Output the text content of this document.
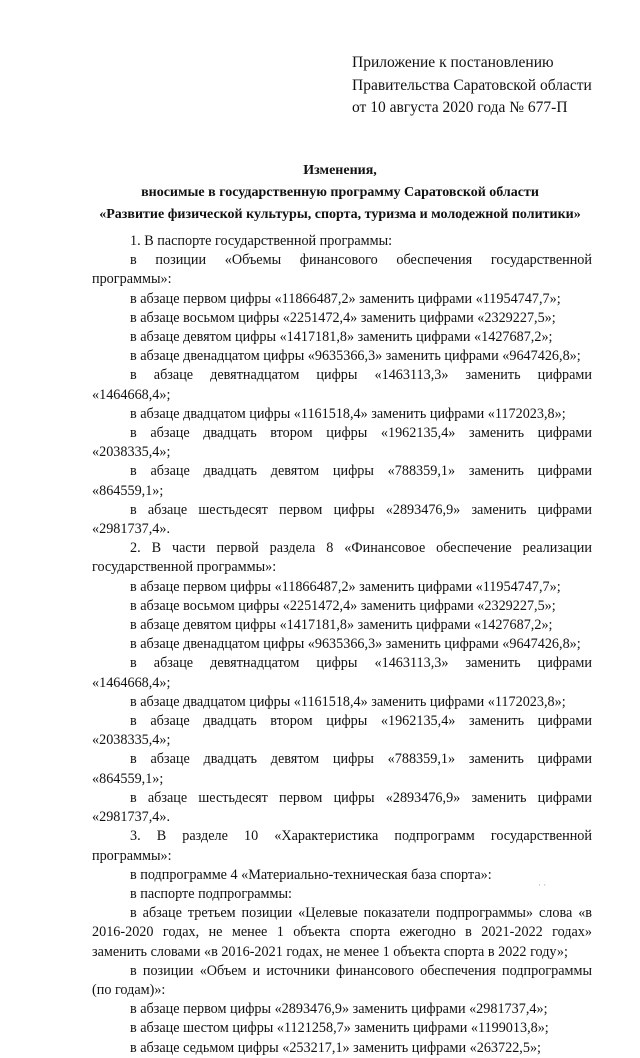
Приложение к постановлению
Правительства Саратовской области
от 10 августа 2020 года № 677-П
Изменения,
вносимые в государственную программу Саратовской области
«Развитие физической культуры, спорта, туризма и молодежной политики»

1. В паспорте государственной программы:

в позиции «Объемы финансового обеспечения государственной программы»:

в абзаце первом цифры «11866487,2» заменить цифрами «11954747,7»;

в абзаце восьмом цифры «2251472,4» заменить цифрами «2329227,5»;

в абзаце девятом цифры «1417181,8» заменить цифрами «1427687,2»;

в абзаце двенадцатом цифры «9635366,3» заменить цифрами «9647426,8»;

в абзаце девятнадцатом цифры «1463113,3» заменить цифрами «1464668,4»;

в абзаце двадцатом цифры «1161518,4» заменить цифрами «1172023,8»;

в абзаце двадцать втором цифры «1962135,4» заменить цифрами «2038335,4»;

в абзаце двадцать девятом цифры «788359,1» заменить цифрами «864559,1»;

в абзаце шестьдесят первом цифры «2893476,9» заменить цифрами «2981737,4».

2. В части первой раздела 8 «Финансовое обеспечение реализации государственной программы»:

в абзаце первом цифры «11866487,2» заменить цифрами «11954747,7»;

в абзаце восьмом цифры «2251472,4» заменить цифрами «2329227,5»;

в абзаце девятом цифры «1417181,8» заменить цифрами «1427687,2»;

в абзаце двенадцатом цифры «9635366,3» заменить цифрами «9647426,8»;

в абзаце девятнадцатом цифры «1463113,3» заменить цифрами «1464668,4»;

в абзаце двадцатом цифры «1161518,4» заменить цифрами «1172023,8»;

в абзаце двадцать втором цифры «1962135,4» заменить цифрами «2038335,4»;

в абзаце двадцать девятом цифры «788359,1» заменить цифрами «864559,1»;

в абзаце шестьдесят первом цифры «2893476,9» заменить цифрами «2981737,4».

3. В разделе 10 «Характеристика подпрограмм государственной программы»:

в подпрограмме 4 «Материально-техническая база спорта»:

в паспорте подпрограммы:

в абзаце третьем позиции «Целевые показатели подпрограммы» слова «в 2016-2020 годах, не менее 1 объекта спорта ежегодно в 2021-2022 годах» заменить словами «в 2016-2021 годах, не менее 1 объекта спорта в 2022 году»;

в позиции «Объем и источники финансового обеспечения подпрограммы (по годам)»:

в абзаце первом цифры «2893476,9» заменить цифрами «2981737,4»;

в абзаце шестом цифры «1121258,7» заменить цифрами «1199013,8»;

в абзаце седьмом цифры «253217,1» заменить цифрами «263722,5»;

· ·
